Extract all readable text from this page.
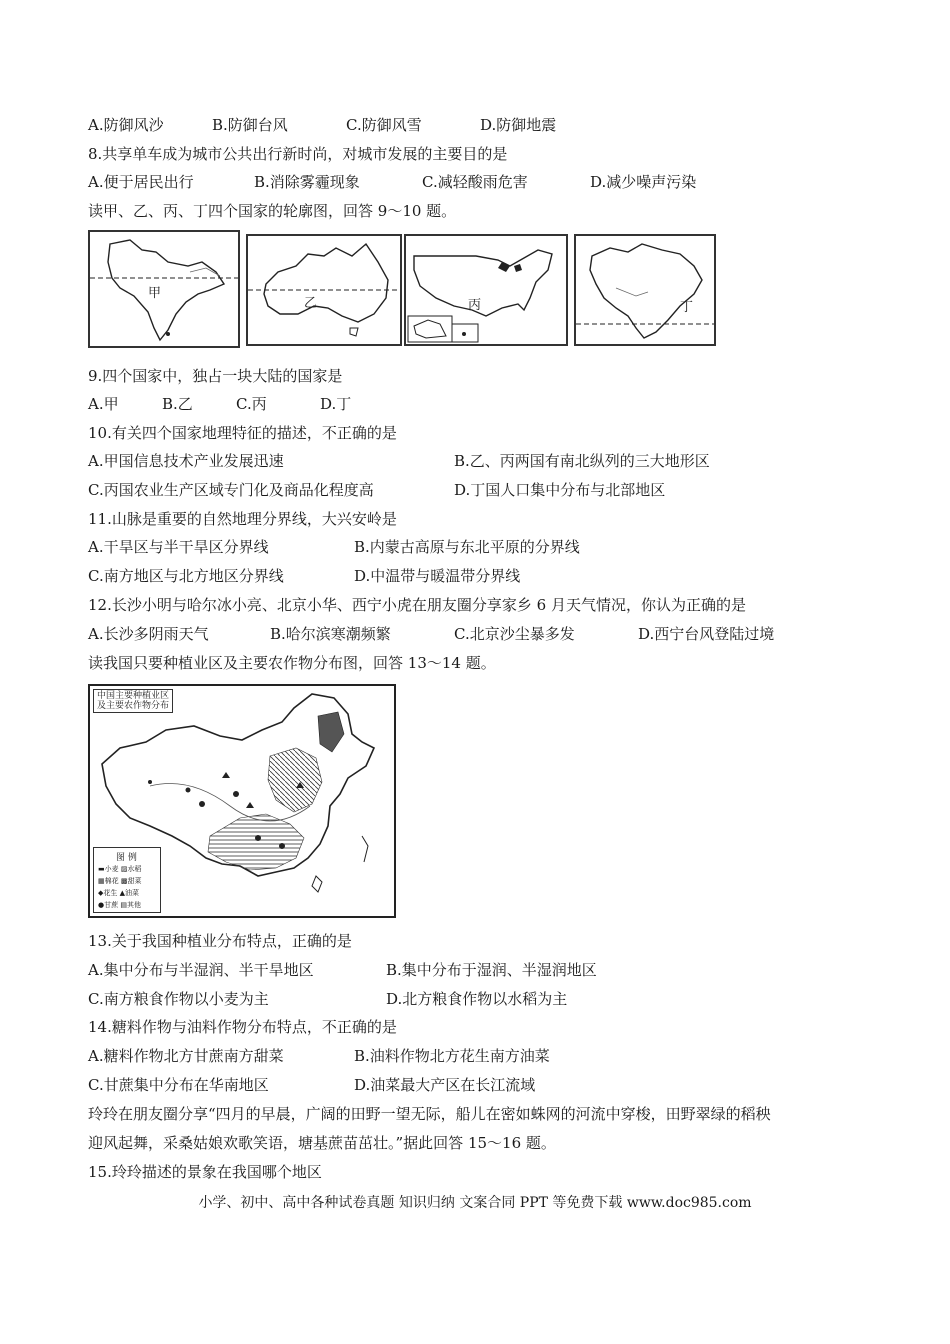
A.防御风沙	B.防御台风	C.防御风雪	D.防御地震
8.共享单车成为城市公共出行新时尚，对城市发展的主要目的是
A.便于居民出行	B.消除雾霾现象	C.减轻酸雨危害	D.减少噪声污染
读甲、乙、丙、丁四个国家的轮廓图，回答 9～10 题。
甲
乙	丙	丁
9.四个国家中，独占一块大陆的国家是
A.甲	B.乙	C.丙	D.丁
10.有关四个国家地理特征的描述，不正确的是
A.甲国信息技术产业发展迅速	B.乙、丙两国有南北纵列的三大地形区
C.丙国农业生产区域专门化及商品化程度高	D.丁国人口集中分布与北部地区
11.山脉是重要的自然地理分界线，大兴安岭是
A.干旱区与半干旱区分界线	B.内蒙古高原与东北平原的分界线
C.南方地区与北方地区分界线	D.中温带与暖温带分界线
12.长沙小明与哈尔冰小亮、北京小华、西宁小虎在朋友圈分享家乡 6 月天气情况，你认为正确的是
A.长沙多阴雨天气	B.哈尔滨寒潮频繁	C.北京沙尘暴多发	D.西宁台风登陆过境
读我国只要种植业区及主要农作物分布图，回答 13～14 题。
中国主要种植业区
及主要农作物分布
图 例
▬小麦 ▨水稻
▦棉花 ▩甜菜
◆花生 ▲油菜
●甘蔗 ▤其他
13.关于我国种植业分布特点，正确的是
A.集中分布与半湿润、半干旱地区	B.集中分布于湿润、半湿润地区
C.南方粮食作物以小麦为主	D.北方粮食作物以水稻为主
14.糖料作物与油料作物分布特点，不正确的是
A.糖料作物北方甘蔗南方甜菜	B.油料作物北方花生南方油菜
C.甘蔗集中分布在华南地区	D.油菜最大产区在长江流域
玲玲在朋友圈分享“四月的早晨，广阔的田野一望无际，船儿在密如蛛网的河流中穿梭，田野翠绿的稻秧
迎风起舞，采桑姑娘欢歌笑语，塘基蔗苗茁壮。”据此回答 15～16 题。
15.玲玲描述的景象在我国哪个地区
小学、初中、高中各种试卷真题 知识归纳 文案合同 PPT 等免费下载 www.doc985.com
